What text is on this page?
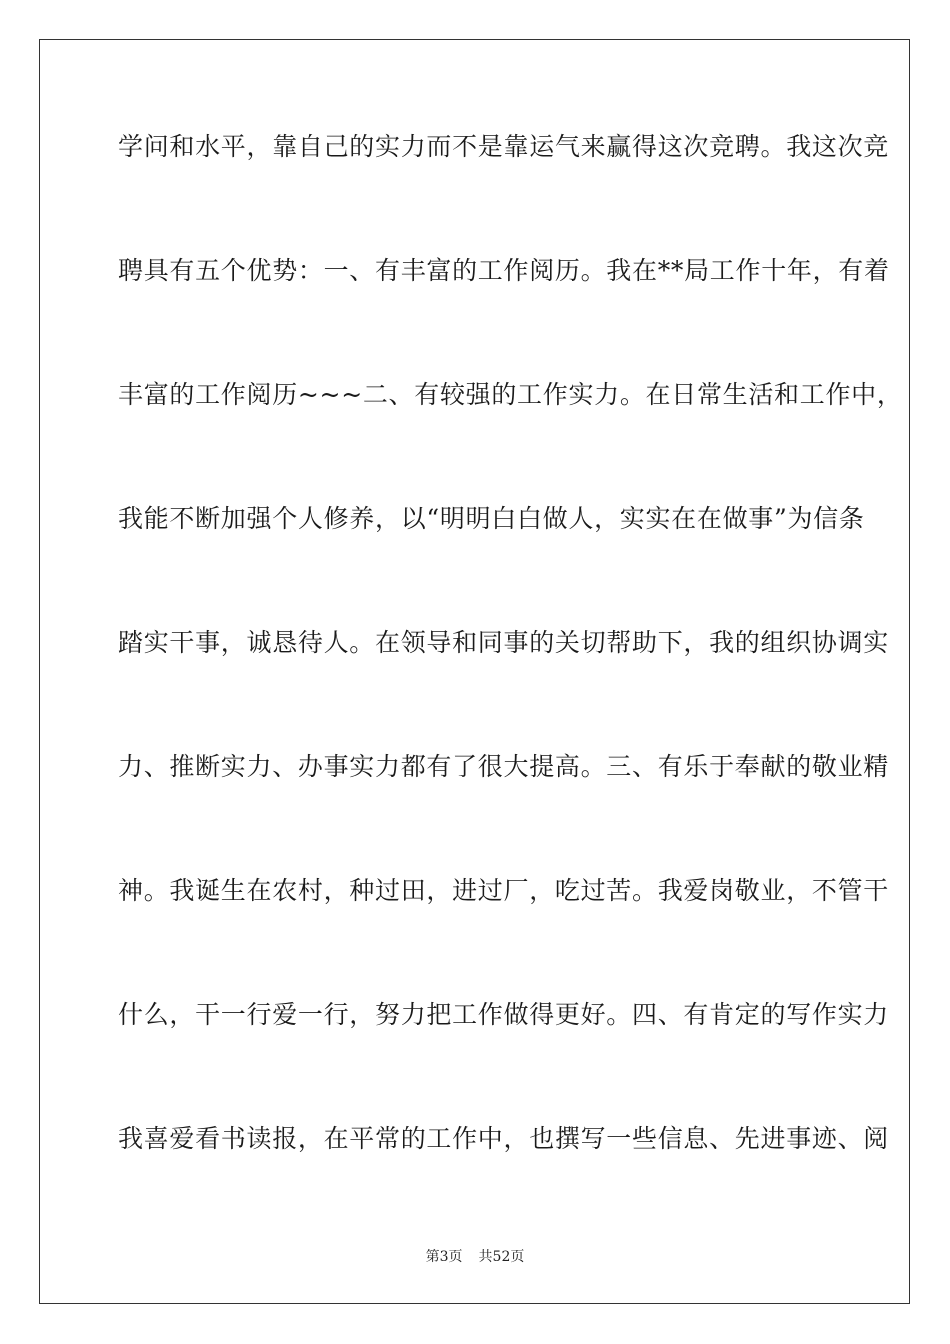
学问和水平，靠自己的实力而不是靠运气来赢得这次竞聘。我这次竞
聘具有五个优势：一、有丰富的工作阅历。我在**局工作十年，有着
丰富的工作阅历~~~二、有较强的工作实力。在日常生活和工作中，
我能不断加强个人修养，以“明明白白做人，实实在在做事”为信条
踏实干事，诚恳待人。在领导和同事的关切帮助下，我的组织协调实
力、推断实力、办事实力都有了很大提高。三、有乐于奉献的敬业精
神。我诞生在农村，种过田，进过厂，吃过苦。我爱岗敬业，不管干
什么，干一行爱一行，努力把工作做得更好。四、有肯定的写作实力
我喜爱看书读报，在平常的工作中，也撰写一些信息、先进事迹、阅
第3页 共52页
